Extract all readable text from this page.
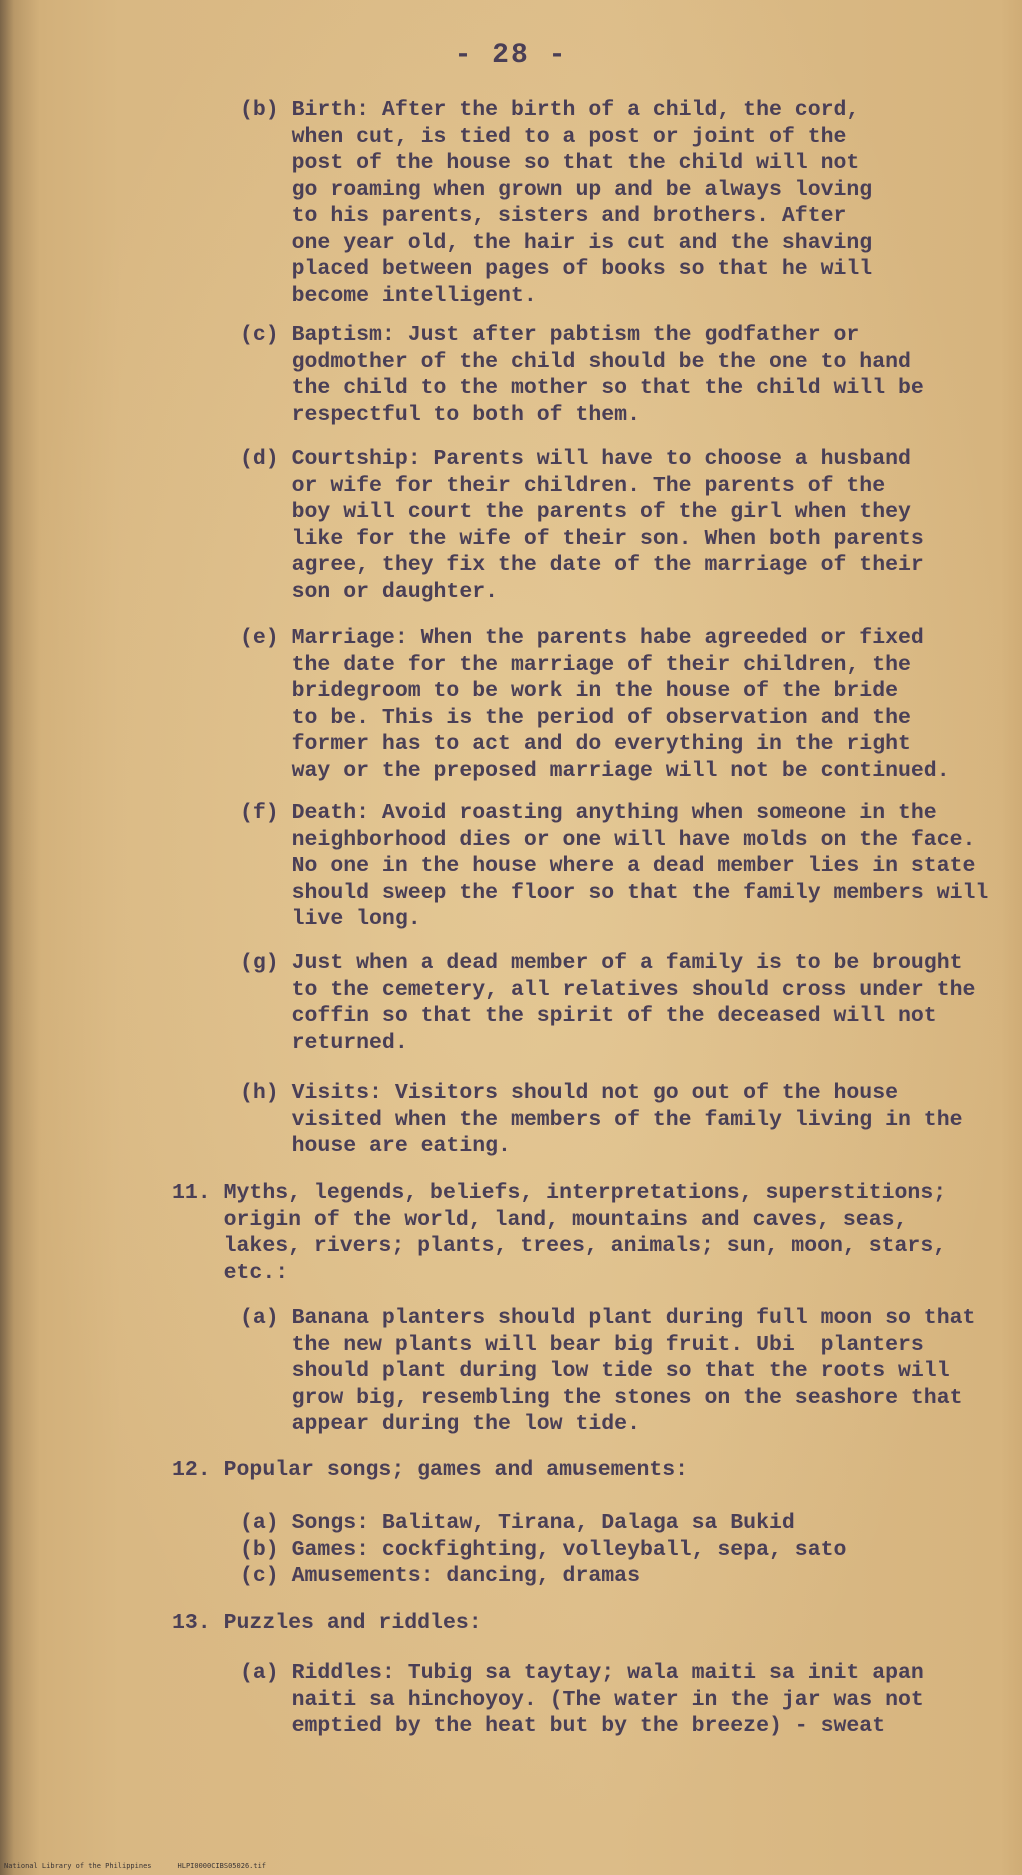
- 28 -
(b) Birth: After the birth of a child, the cord,
when cut, is tied to a post or joint of the
post of the house so that the child will not
go roaming when grown up and be always loving
to his parents, sisters and brothers. After
one year old, the hair is cut and the shaving
placed between pages of books so that he will
become intelligent.
(c) Baptism: Just after pabtism the godfather or
godmother of the child should be the one to hand
the child to the mother so that the child will be
respectful to both of them.
(d) Courtship: Parents will have to choose a husband
or wife for their children. The parents of the
boy will court the parents of the girl when they
like for the wife of their son. When both parents
agree, they fix the date of the marriage of their
son or daughter.
(e) Marriage: When the parents habe agreeded or fixed
the date for the marriage of their children, the
bridegroom to be work in the house of the bride
to be. This is the period of observation and the
former has to act and do everything in the right
way or the preposed marriage will not be continued.
(f) Death: Avoid roasting anything when someone in the
neighborhood dies or one will have molds on the face.
No one in the house where a dead member lies in state
should sweep the floor so that the family members will
live long.
(g) Just when a dead member of a family is to be brought
to the cemetery, all relatives should cross under the
coffin so that the spirit of the deceased will not
returned.
(h) Visits: Visitors should not go out of the house
visited when the members of the family living in the
house are eating.
11. Myths, legends, beliefs, interpretations, superstitions;
origin of the world, land, mountains and caves, seas,
lakes, rivers; plants, trees, animals; sun, moon, stars,
etc.:
(a) Banana planters should plant during full moon so that
the new plants will bear big fruit. Ubi  planters
should plant during low tide so that the roots will
grow big, resembling the stones on the seashore that
appear during the low tide.
12. Popular songs; games and amusements:
(a) Songs: Balitaw, Tirana, Dalaga sa Bukid
(b) Games: cockfighting, volleyball, sepa, sato
(c) Amusements: dancing, dramas
13. Puzzles and riddles:
(a) Riddles: Tubig sa taytay; wala maiti sa init apan
naiti sa hinchoyoy. (The water in the jar was not
emptied by the heat but by the breeze) - sweat
National Library of the Philippines	HLPI0000CIBS05026.tif
